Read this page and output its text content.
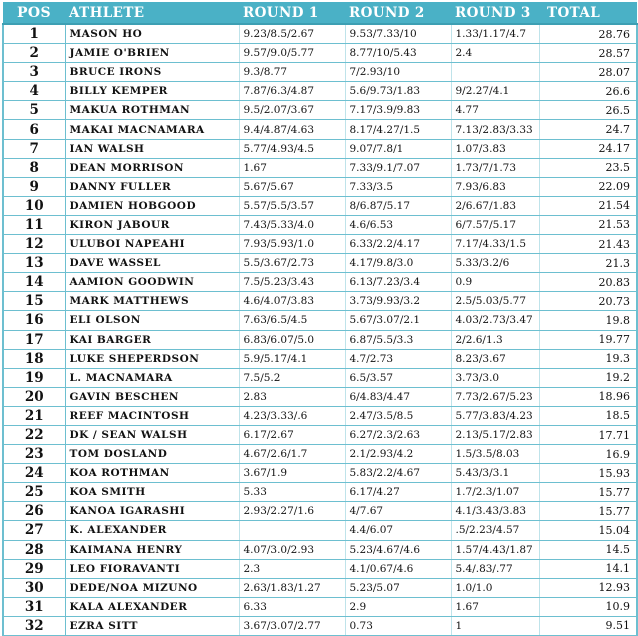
POS	ATHLETE	ROUND 1	ROUND 2	ROUND 3	TOTAL
1	MASON HO	9.23/8.5/2.67	9.53/7.33/10	1.33/1.17/4.7	28.76
2	JAMIE O'BRIEN	9.57/9.0/5.77	8.77/10/5.43	2.4	28.57
3	BRUCE IRONS	9.3/8.77	7/2.93/10		28.07
4	BILLY KEMPER	7.87/6.3/4.87	5.6/9.73/1.83	9/2.27/4.1	26.6
5	MAKUA ROTHMAN	9.5/2.07/3.67	7.17/3.9/9.83	4.77	26.5
6	MAKAI MACNAMARA	9.4/4.87/4.63	8.17/4.27/1.5	7.13/2.83/3.33	24.7
7	IAN WALSH	5.77/4.93/4.5	9.07/7.8/1	1.07/3.83	24.17
8	DEAN MORRISON	1.67	7.33/9.1/7.07	1.73/7/1.73	23.5
9	DANNY FULLER	5.67/5.67	7.33/3.5	7.93/6.83	22.09
10	DAMIEN HOBGOOD	5.57/5.5/3.57	8/6.87/5.17	2/6.67/1.83	21.54
11	KIRON JABOUR	7.43/5.33/4.0	4.6/6.53	6/7.57/5.17	21.53
12	ULUBOI NAPEAHI	7.93/5.93/1.0	6.33/2.2/4.17	7.17/4.33/1.5	21.43
13	DAVE WASSEL	5.5/3.67/2.73	4.17/9.8/3.0	5.33/3.2/6	21.3
14	AAMION GOODWIN	7.5/5.23/3.43	6.13/7.23/3.4	0.9	20.83
15	MARK MATTHEWS	4.6/4.07/3.83	3.73/9.93/3.2	2.5/5.03/5.77	20.73
16	ELI OLSON	7.63/6.5/4.5	5.67/3.07/2.1	4.03/2.73/3.47	19.8
17	KAI BARGER	6.83/6.07/5.0	6.87/5.5/3.3	2/2.6/1.3	19.77
18	LUKE SHEPERDSON	5.9/5.17/4.1	4.7/2.73	8.23/3.67	19.3
19	L. MACNAMARA	7.5/5.2	6.5/3.57	3.73/3.0	19.2
20	GAVIN BESCHEN	2.83	6/4.83/4.47	7.73/2.67/5.23	18.96
21	REEF MACINTOSH	4.23/3.33/.6	2.47/3.5/8.5	5.77/3.83/4.23	18.5
22	DK / SEAN WALSH	6.17/2.67	6.27/2.3/2.63	2.13/5.17/2.83	17.71
23	TOM DOSLAND	4.67/2.6/1.7	2.1/2.93/4.2	1.5/3.5/8.03	16.9
24	KOA ROTHMAN	3.67/1.9	5.83/2.2/4.67	5.43/3/3.1	15.93
25	KOA SMITH	5.33	6.17/4.27	1.7/2.3/1.07	15.77
26	KANOA IGARASHI	2.93/2.27/1.6	4/7.67	4.1/3.43/3.83	15.77
27	K. ALEXANDER		4.4/6.07	.5/2.23/4.57	15.04
28	KAIMANA HENRY	4.07/3.0/2.93	5.23/4.67/4.6	1.57/4.43/1.87	14.5
29	LEO FIORAVANTI	2.3	4.1/0.67/4.6	5.4/.83/.77	14.1
30	DEDE/NOA MIZUNO	2.63/1.83/1.27	5.23/5.07	1.0/1.0	12.93
31	KALA ALEXANDER	6.33	2.9	1.67	10.9
32	EZRA SITT	3.67/3.07/2.77	0.73	1	9.51
